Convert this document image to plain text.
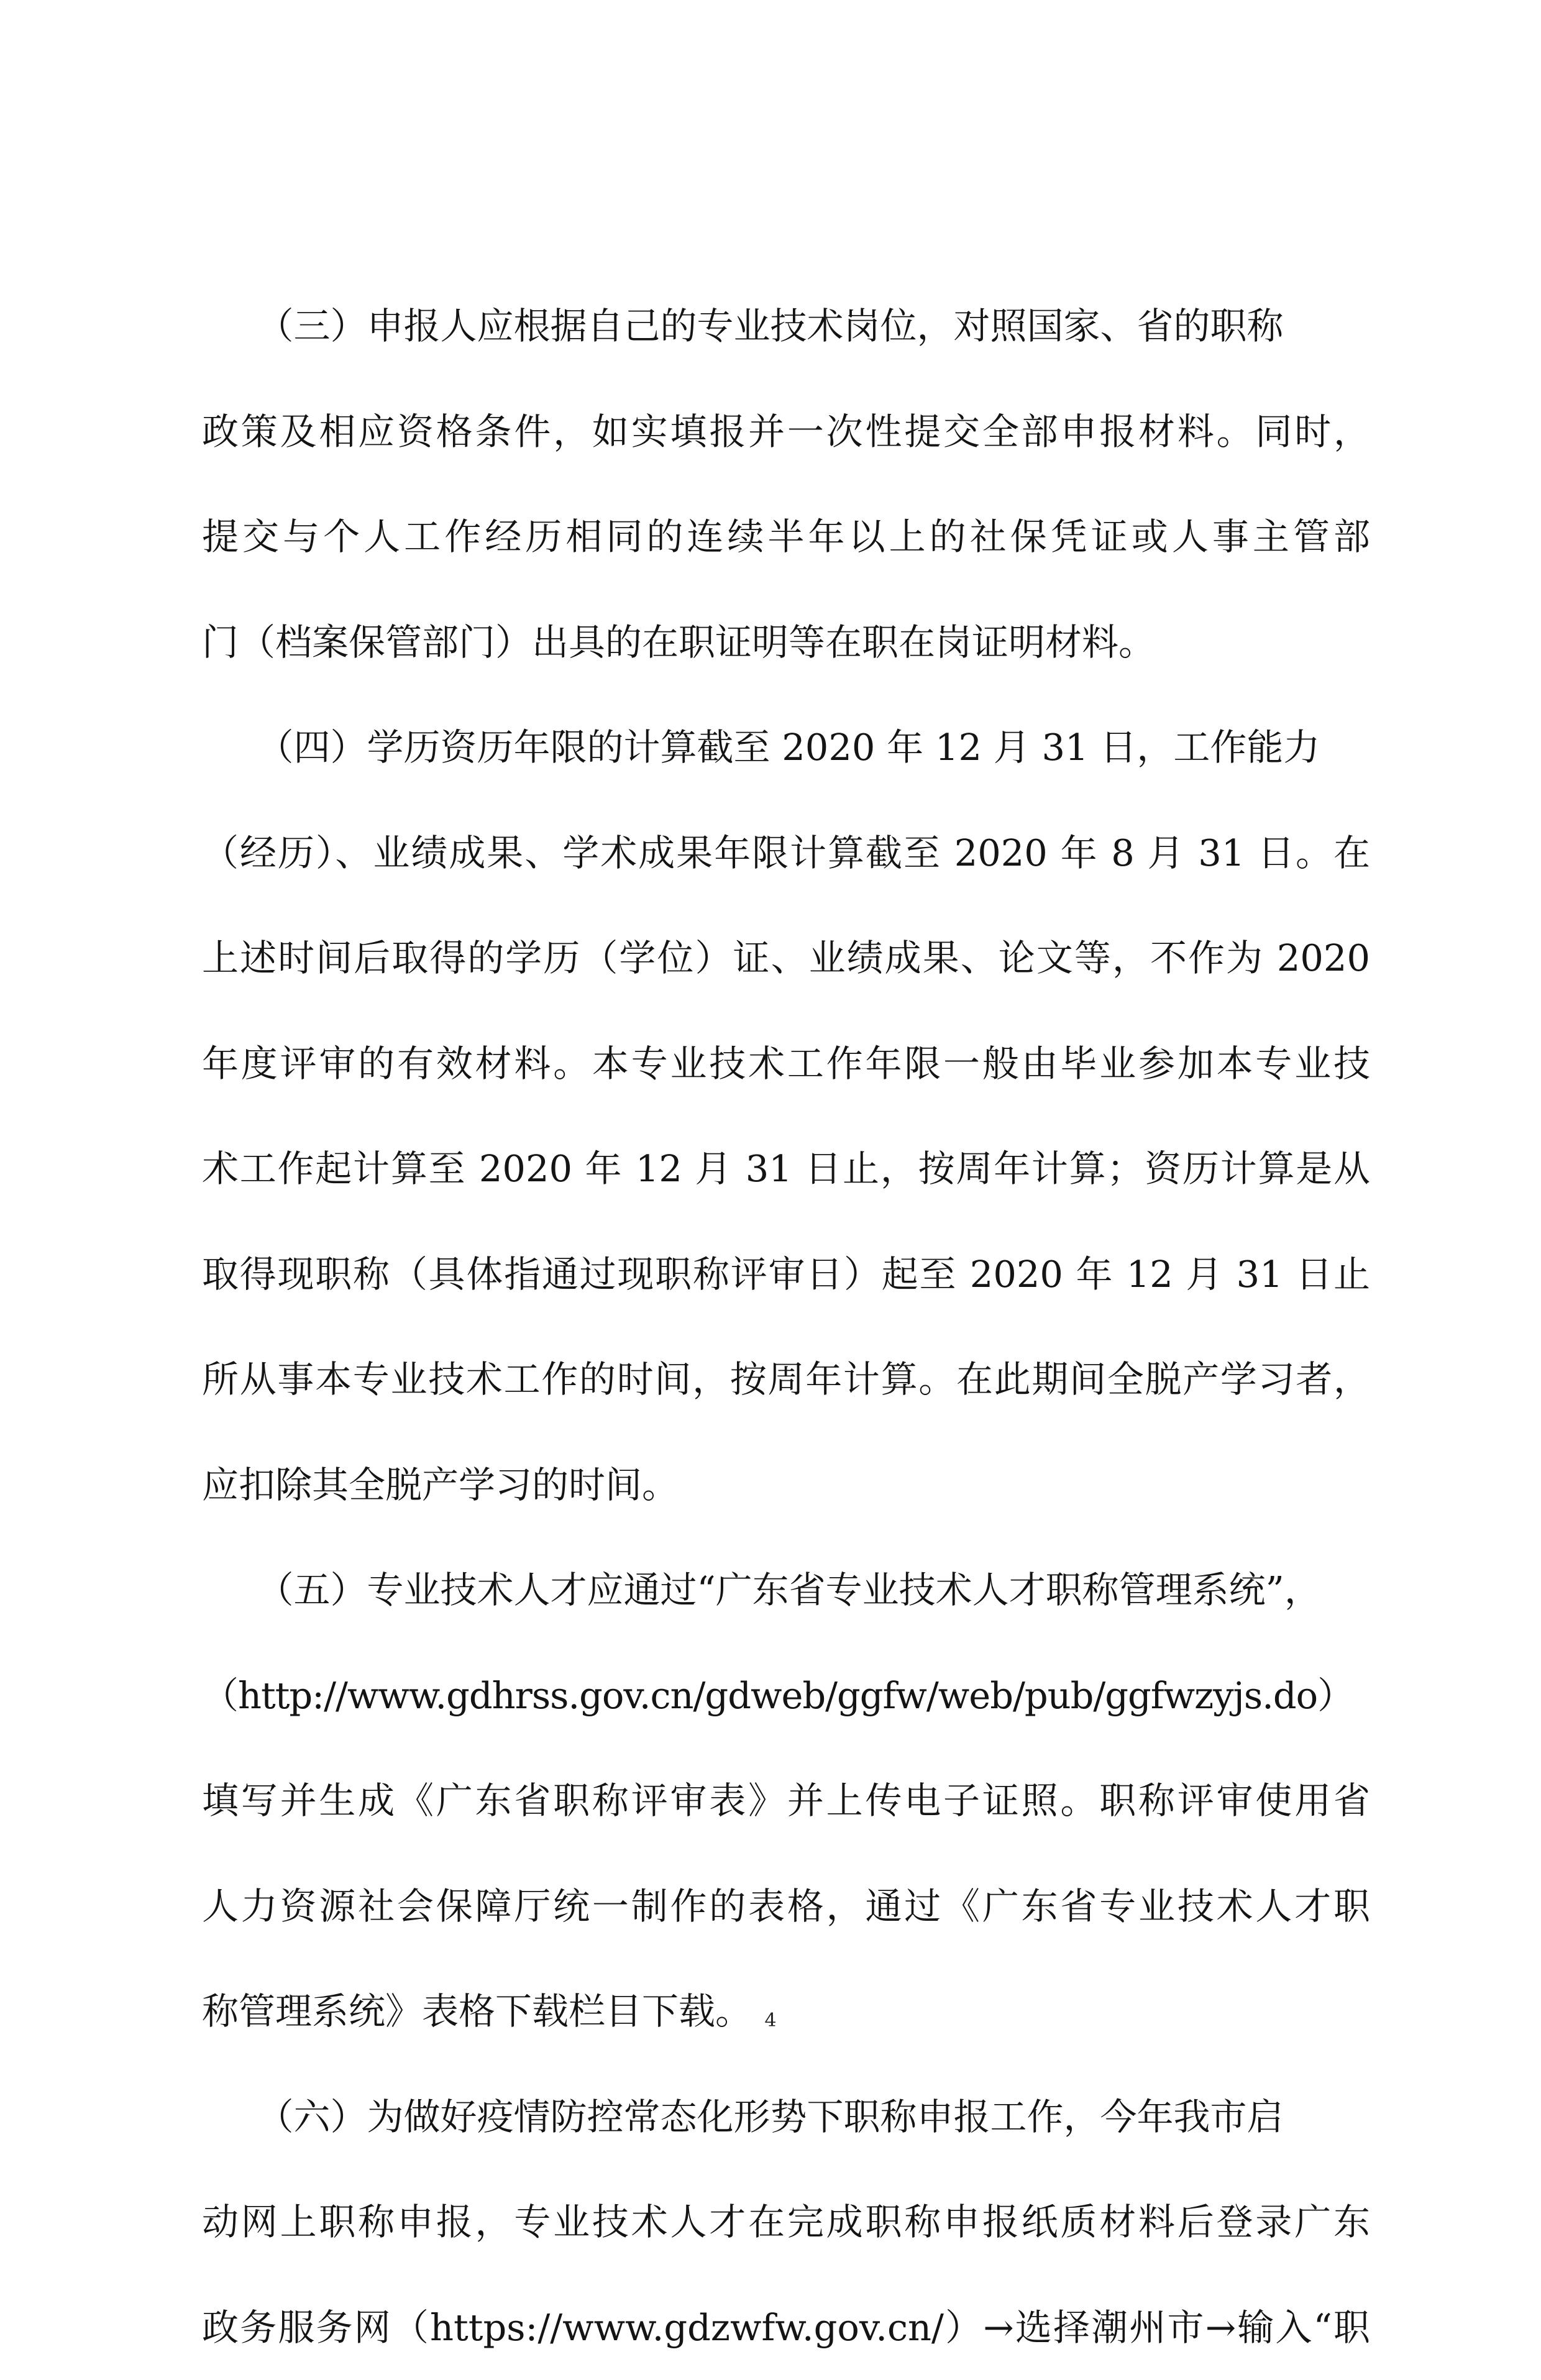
　　（三）申报人应根据自己的专业技术岗位，对照国家、省的职称
政策及相应资格条件，如实填报并一次性提交全部申报材料。同时，
提交与个人工作经历相同的连续半年以上的社保凭证或人事主管部
门（档案保管部门）出具的在职证明等在职在岗证明材料。
　　（四）学历资历年限的计算截至 2020 年 12 月 31 日，工作能力
（经历）、业绩成果、学术成果年限计算截至 2020 年 8 月 31 日。在
上述时间后取得的学历（学位）证、业绩成果、论文等，不作为 2020
年度评审的有效材料。本专业技术工作年限一般由毕业参加本专业技
术工作起计算至 2020 年 12 月 31 日止，按周年计算；资历计算是从
取得现职称（具体指通过现职称评审日）起至 2020 年 12 月 31 日止
所从事本专业技术工作的时间，按周年计算。在此期间全脱产学习者，
应扣除其全脱产学习的时间。
　　（五）专业技术人才应通过“广东省专业技术人才职称管理系统”，
（http://www.gdhrss.gov.cn/gdweb/ggfw/web/pub/ggfwzyjs.do）
填写并生成《广东省职称评审表》并上传电子证照。职称评审使用省
人力资源社会保障厅统一制作的表格，通过《广东省专业技术人才职
称管理系统》表格下载栏目下载。
　　（六）为做好疫情防控常态化形势下职称申报工作，今年我市启
动网上职称申报，专业技术人才在完成职称申报纸质材料后登录广东
政务服务网（https://www.gdzwfw.gov.cn/）→选择潮州市→输入“职
4
